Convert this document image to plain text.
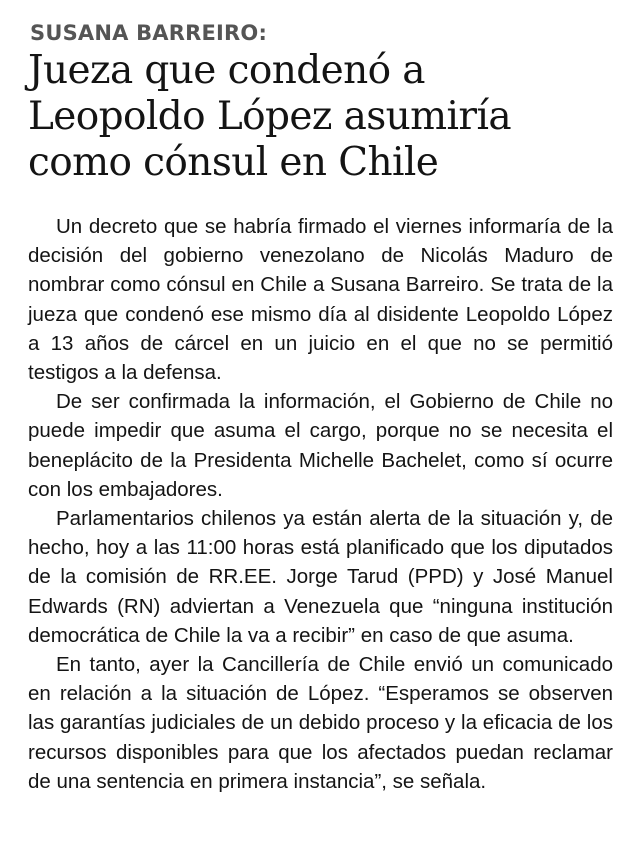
SUSANA BARREIRO:
Jueza que condenó a Leopoldo López asumiría como cónsul en Chile

Un decreto que se habría firmado el viernes informaría de la decisión del gobierno venezolano de Nicolás Maduro de nombrar como cónsul en Chile a Susana Barreiro. Se trata de la jueza que condenó ese mismo día al disidente Leopoldo López a 13 años de cárcel en un juicio en el que no se permitió testigos a la defensa.

De ser confirmada la información, el Gobierno de Chile no puede impedir que asuma el cargo, porque no se necesita el beneplácito de la Presidenta Michelle Bachelet, como sí ocurre con los embajadores.

Parlamentarios chilenos ya están alerta de la situación y, de hecho, hoy a las 11:00 horas está planificado que los diputados de la comisión de RR.EE. Jorge Tarud (PPD) y José Manuel Edwards (RN) adviertan a Venezuela que “ninguna institución democrática de Chile la va a recibir” en caso de que asuma.

En tanto, ayer la Cancillería de Chile envió un comunicado en relación a la situación de López. “Esperamos se observen las garantías judiciales de un debido proceso y la eficacia de los recursos disponibles para que los afectados puedan reclamar de una sentencia en primera instancia”, se señala.
